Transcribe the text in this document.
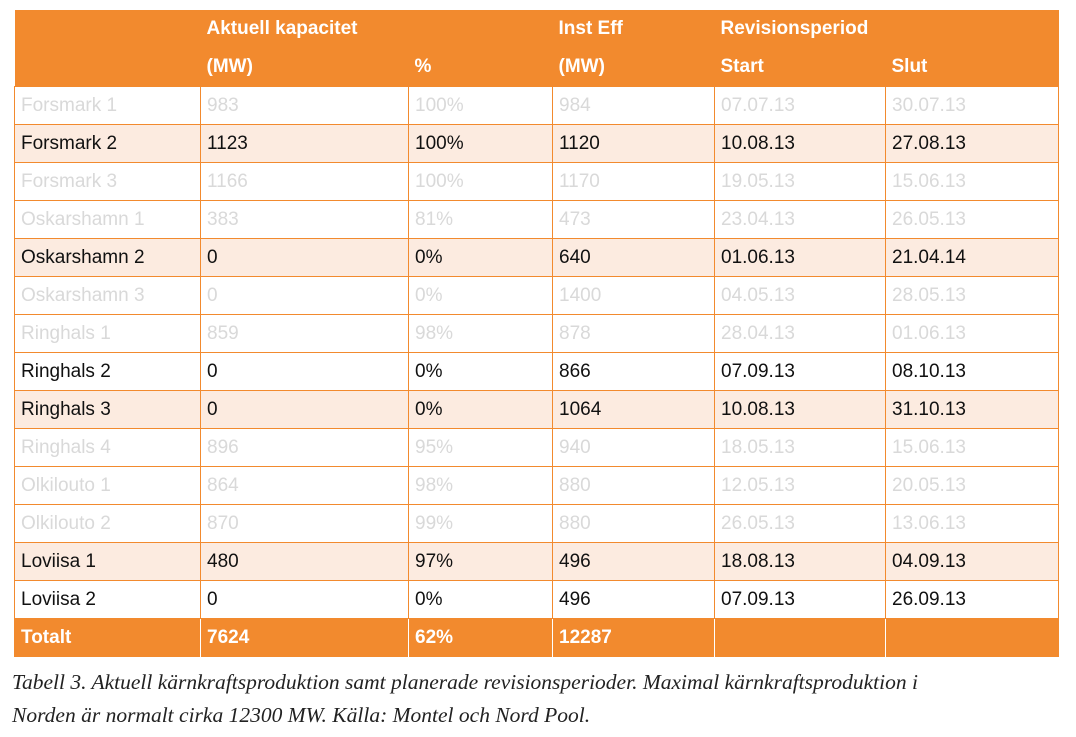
	Aktuell kapacitet		Inst Eff	Revisionsperiod	
	(MW)	%	(MW)	Start	Slut
Forsmark 1	983	100%	984	07.07.13	30.07.13
Forsmark 2	1123	100%	1120	10.08.13	27.08.13
Forsmark 3	1166	100%	1170	19.05.13	15.06.13
Oskarshamn 1	383	81%	473	23.04.13	26.05.13
Oskarshamn 2	0	0%	640	01.06.13	21.04.14
Oskarshamn 3	0	0%	1400	04.05.13	28.05.13
Ringhals 1	859	98%	878	28.04.13	01.06.13
Ringhals 2	0	0%	866	07.09.13	08.10.13
Ringhals 3	0	0%	1064	10.08.13	31.10.13
Ringhals 4	896	95%	940	18.05.13	15.06.13
Olkilouto 1	864	98%	880	12.05.13	20.05.13
Olkilouto 2	870	99%	880	26.05.13	13.06.13
Loviisa 1	480	97%	496	18.08.13	04.09.13
Loviisa 2	0	0%	496	07.09.13	26.09.13
Totalt	7624	62%	12287		

Tabell 3. Aktuell kärnkraftsproduktion samt planerade revisionsperioder. Maximal kärnkraftsproduktion i
Norden är normalt cirka 12300 MW. Källa: Montel och Nord Pool.
